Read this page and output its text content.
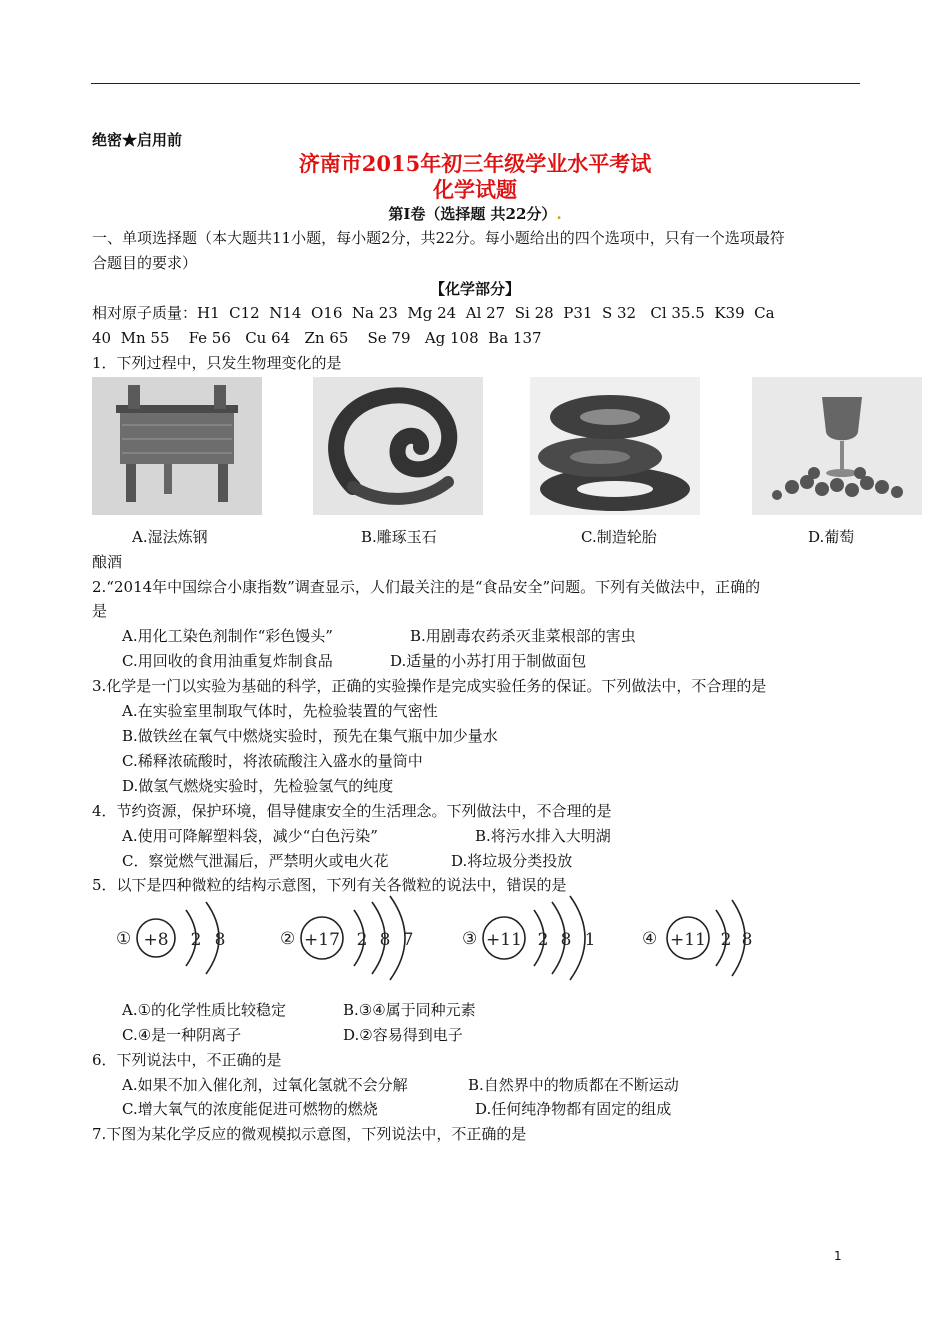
绝密★启用前
济南市2015年初三年级学业水平考试
化学试题
第Ⅰ卷（选择题 共22分）.
一、单项选择题（本大题共11小题，每小题2分，共22分。每小题给出的四个选项中，只有一个选项最符
合题目的要求）
【化学部分】
相对原子质量：H1  C12  N14  O16  Na 23  Mg 24  Al 27  Si 28  P31  S 32   Cl 35.5  K39  Ca
40  Mn 55    Fe 56   Cu 64   Zn 65    Se 79   Ag 108  Ba 137
1．下列过程中，只发生物理变化的是
A.湿法炼钢	B.雕琢玉石	C.制造轮胎	D.葡萄
酿酒
2.“2014年中国综合小康指数”调查显示，人们最关注的是“食品安全”问题。下列有关做法中，正确的
是
A.用化工染色剂制作“彩色馒头”	B.用剧毒农药杀灭韭菜根部的害虫
C.用回收的食用油重复炸制食品	D.适量的小苏打用于制做面包
3.化学是一门以实验为基础的科学，正确的实验操作是完成实验任务的保证。下列做法中，不合理的是
A.在实验室里制取气体时，先检验装置的气密性
B.做铁丝在氧气中燃烧实验时，预先在集气瓶中加少量水
C.稀释浓硫酸时，将浓硫酸注入盛水的量筒中
D.做氢气燃烧实验时，先检验氢气的纯度
4．节约资源，保护环境，倡导健康安全的生活理念。下列做法中，不合理的是
A.使用可降解塑料袋，减少“白色污染”	B.将污水排入大明湖
C．察觉燃气泄漏后，严禁明火或电火花	D.将垃圾分类投放
5．以下是四种微粒的结构示意图，下列有关各微粒的说法中，错误的是
① +8 2 8	② +17 2 8 7	③ +11 2 8 1	④ +11 2 8
A.①的化学性质比较稳定	B.③④属于同种元素
C.④是一种阴离子	D.②容易得到电子
6．下列说法中，不正确的是
A.如果不加入催化剂，过氧化氢就不会分解	B.自然界中的物质都在不断运动
C.增大氧气的浓度能促进可燃物的燃烧	D.任何纯净物都有固定的组成
7.下图为某化学反应的微观模拟示意图，下列说法中，不正确的是
1
